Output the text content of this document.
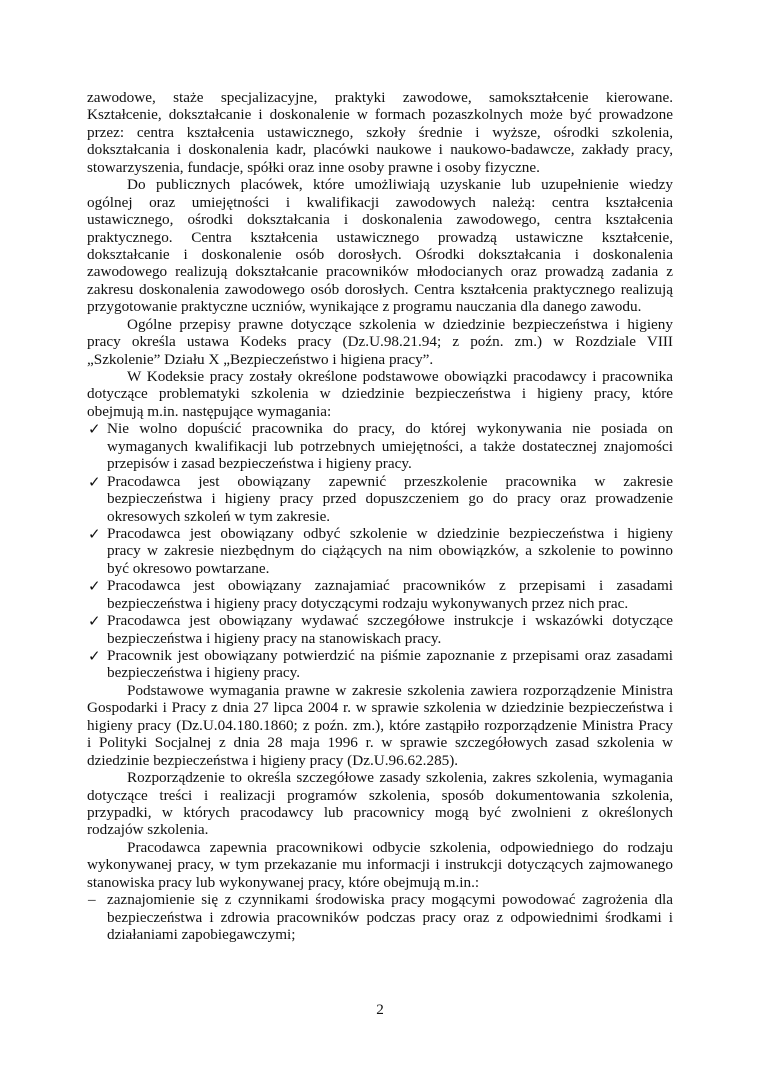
zawodowe, staże specjalizacyjne, praktyki zawodowe, samokształcenie kierowane.
Kształcenie, dokształcanie i doskonalenie w formach pozaszkolnych może być prowadzone
przez: centra kształcenia ustawicznego, szkoły średnie i wyższe, ośrodki szkolenia,
dokształcania i doskonalenia kadr, placówki naukowe i naukowo-badawcze, zakłady pracy,
stowarzyszenia, fundacje, spółki oraz inne osoby prawne i osoby fizyczne.
Do publicznych placówek, które umożliwiają uzyskanie lub uzupełnienie wiedzy
ogólnej oraz umiejętności i kwalifikacji zawodowych należą: centra kształcenia
ustawicznego, ośrodki dokształcania i doskonalenia zawodowego, centra kształcenia
praktycznego. Centra kształcenia ustawicznego prowadzą ustawiczne kształcenie,
dokształcanie i doskonalenie osób dorosłych. Ośrodki dokształcania i doskonalenia
zawodowego realizują dokształcanie pracowników młodocianych oraz prowadzą zadania z
zakresu doskonalenia zawodowego osób dorosłych. Centra kształcenia praktycznego realizują
przygotowanie praktyczne uczniów, wynikające z programu nauczania dla danego zawodu.
Ogólne przepisy prawne dotyczące szkolenia w dziedzinie bezpieczeństwa i higieny
pracy określa ustawa Kodeks pracy (Dz.U.98.21.94; z poźn. zm.) w Rozdziale VIII
„Szkolenie” Działu X „Bezpieczeństwo i higiena pracy”.
W Kodeksie pracy zostały określone podstawowe obowiązki pracodawcy i pracownika
dotyczące problematyki szkolenia w dziedzinie bezpieczeństwa i higieny pracy, które
obejmują m.in. następujące wymagania:
✓ Nie wolno dopuścić pracownika do pracy, do której wykonywania nie posiada on
wymaganych kwalifikacji lub potrzebnych umiejętności, a także dostatecznej znajomości
przepisów i zasad bezpieczeństwa i higieny pracy.
✓ Pracodawca jest obowiązany zapewnić przeszkolenie pracownika w zakresie
bezpieczeństwa i higieny pracy przed dopuszczeniem go do pracy oraz prowadzenie
okresowych szkoleń w tym zakresie.
✓ Pracodawca jest obowiązany odbyć szkolenie w dziedzinie bezpieczeństwa i higieny
pracy w zakresie niezbędnym do ciążących na nim obowiązków, a szkolenie to powinno
być okresowo powtarzane.
✓ Pracodawca jest obowiązany zaznajamiać pracowników z przepisami i zasadami
bezpieczeństwa i higieny pracy dotyczącymi rodzaju wykonywanych przez nich prac.
✓ Pracodawca jest obowiązany wydawać szczegółowe instrukcje i wskazówki dotyczące
bezpieczeństwa i higieny pracy na stanowiskach pracy.
✓ Pracownik jest obowiązany potwierdzić na piśmie zapoznanie z przepisami oraz zasadami
bezpieczeństwa i higieny pracy.
Podstawowe wymagania prawne w zakresie szkolenia zawiera rozporządzenie Ministra
Gospodarki i Pracy z dnia 27 lipca 2004 r. w sprawie szkolenia w dziedzinie bezpieczeństwa i
higieny pracy (Dz.U.04.180.1860; z poźn. zm.), które zastąpiło rozporządzenie Ministra Pracy
i Polityki Socjalnej z dnia 28 maja 1996 r. w sprawie szczegółowych zasad szkolenia w
dziedzinie bezpieczeństwa i higieny pracy (Dz.U.96.62.285).
Rozporządzenie to określa szczegółowe zasady szkolenia, zakres szkolenia, wymagania
dotyczące treści i realizacji programów szkolenia, sposób dokumentowania szkolenia,
przypadki, w których pracodawcy lub pracownicy mogą być zwolnieni z określonych
rodzajów szkolenia.
Pracodawca zapewnia pracownikowi odbycie szkolenia, odpowiedniego do rodzaju
wykonywanej pracy, w tym przekazanie mu informacji i instrukcji dotyczących zajmowanego
stanowiska pracy lub wykonywanej pracy, które obejmują m.in.:
– zaznajomienie się z czynnikami środowiska pracy mogącymi powodować zagrożenia dla
bezpieczeństwa i zdrowia pracowników podczas pracy oraz z odpowiednimi środkami i
działaniami zapobiegawczymi;
2
